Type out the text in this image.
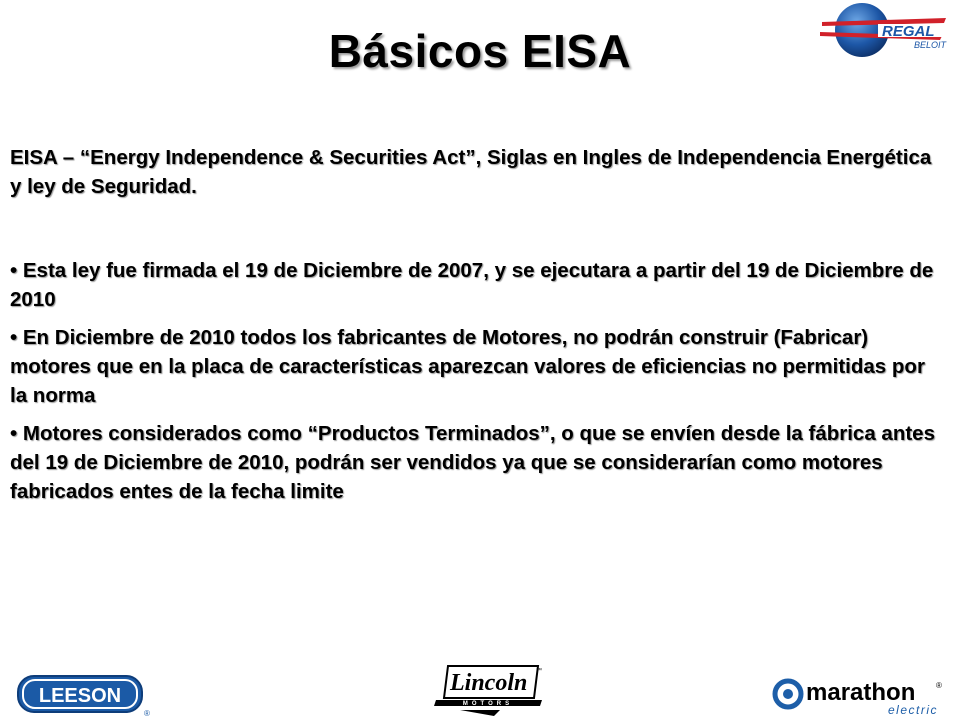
Básicos EISA	REGAL
BELOIT
EISA – “Energy Independence & Securities Act”, Siglas en Ingles de Independencia Energética y ley de Seguridad.
• Esta ley fue firmada el 19 de Diciembre de 2007, y se ejecutara a partir del 19 de Diciembre de 2010
• En Diciembre de 2010 todos los fabricantes de Motores, no podrán construir (Fabricar) motores que en la placa de características aparezcan valores de eficiencias no permitidas por la norma
• Motores considerados como “Productos Terminados”, o que se envíen desde la fábrica antes del 19 de Diciembre de 2010, podrán ser vendidos ya que se considerarían como motores fabricados entes de la fecha limite
LEESON
®
Lincoln ™
MOTORS	marathon	®
electric
